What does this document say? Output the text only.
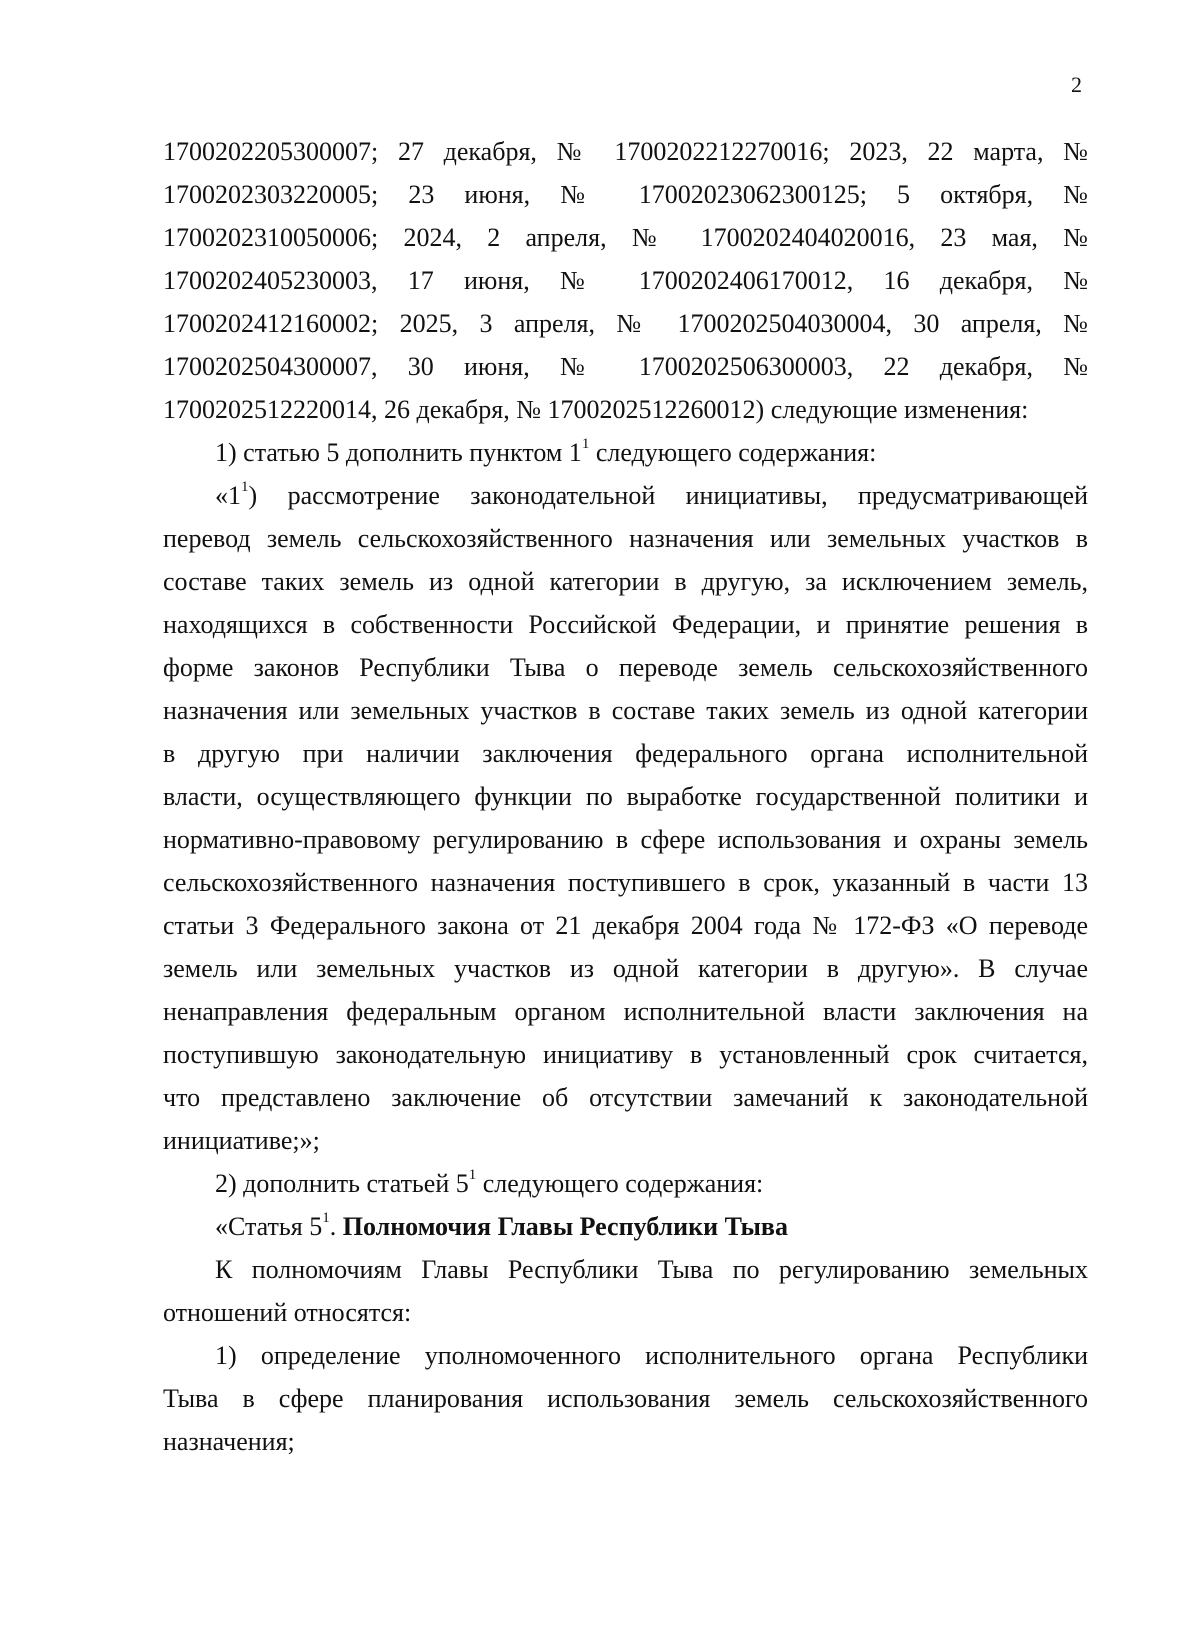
2
1700202205300007; 27 декабря, № 1700202212270016; 2023, 22 марта, №
1700202303220005; 23 июня, № 17002023062300125; 5 октября, №
1700202310050006; 2024, 2 апреля, № 1700202404020016, 23 мая, №
1700202405230003, 17 июня, № 1700202406170012, 16 декабря, №
1700202412160002; 2025, 3 апреля, № 1700202504030004, 30 апреля, №
1700202504300007, 30 июня, № 1700202506300003, 22 декабря, №
1700202512220014, 26 декабря, № 1700202512260012) следующие изменения:
1) статью 5 дополнить пунктом $1^1$ следующего содержания:
«$1^1$) рассмотрение законодательной инициативы, предусматривающей
перевод земель сельскохозяйственного назначения или земельных участков в
составе таких земель из одной категории в другую, за исключением земель,
находящихся в собственности Российской Федерации, и принятие решения в
форме законов Республики Тыва о переводе земель сельскохозяйственного
назначения или земельных участков в составе таких земель из одной категории
в другую при наличии заключения федерального органа исполнительной
власти, осуществляющего функции по выработке государственной политики и
нормативно-правовому регулированию в сфере использования и охраны земель
сельскохозяйственного назначения поступившего в срок, указанный в части 13
статьи 3 Федерального закона от 21 декабря 2004 года № 172-ФЗ «О переводе
земель или земельных участков из одной категории в другую». В случае
ненаправления федеральным органом исполнительной власти заключения на
поступившую законодательную инициативу в установленный срок считается,
что представлено заключение об отсутствии замечаний к законодательной
инициативе;»;
2) дополнить статьей $5^1$ следующего содержания:
«Статья $5^1$. Полномочия Главы Республики Тыва
К полномочиям Главы Республики Тыва по регулированию земельных
отношений относятся:
1) определение уполномоченного исполнительного органа Республики
Тыва в сфере планирования использования земель сельскохозяйственного
назначения;
